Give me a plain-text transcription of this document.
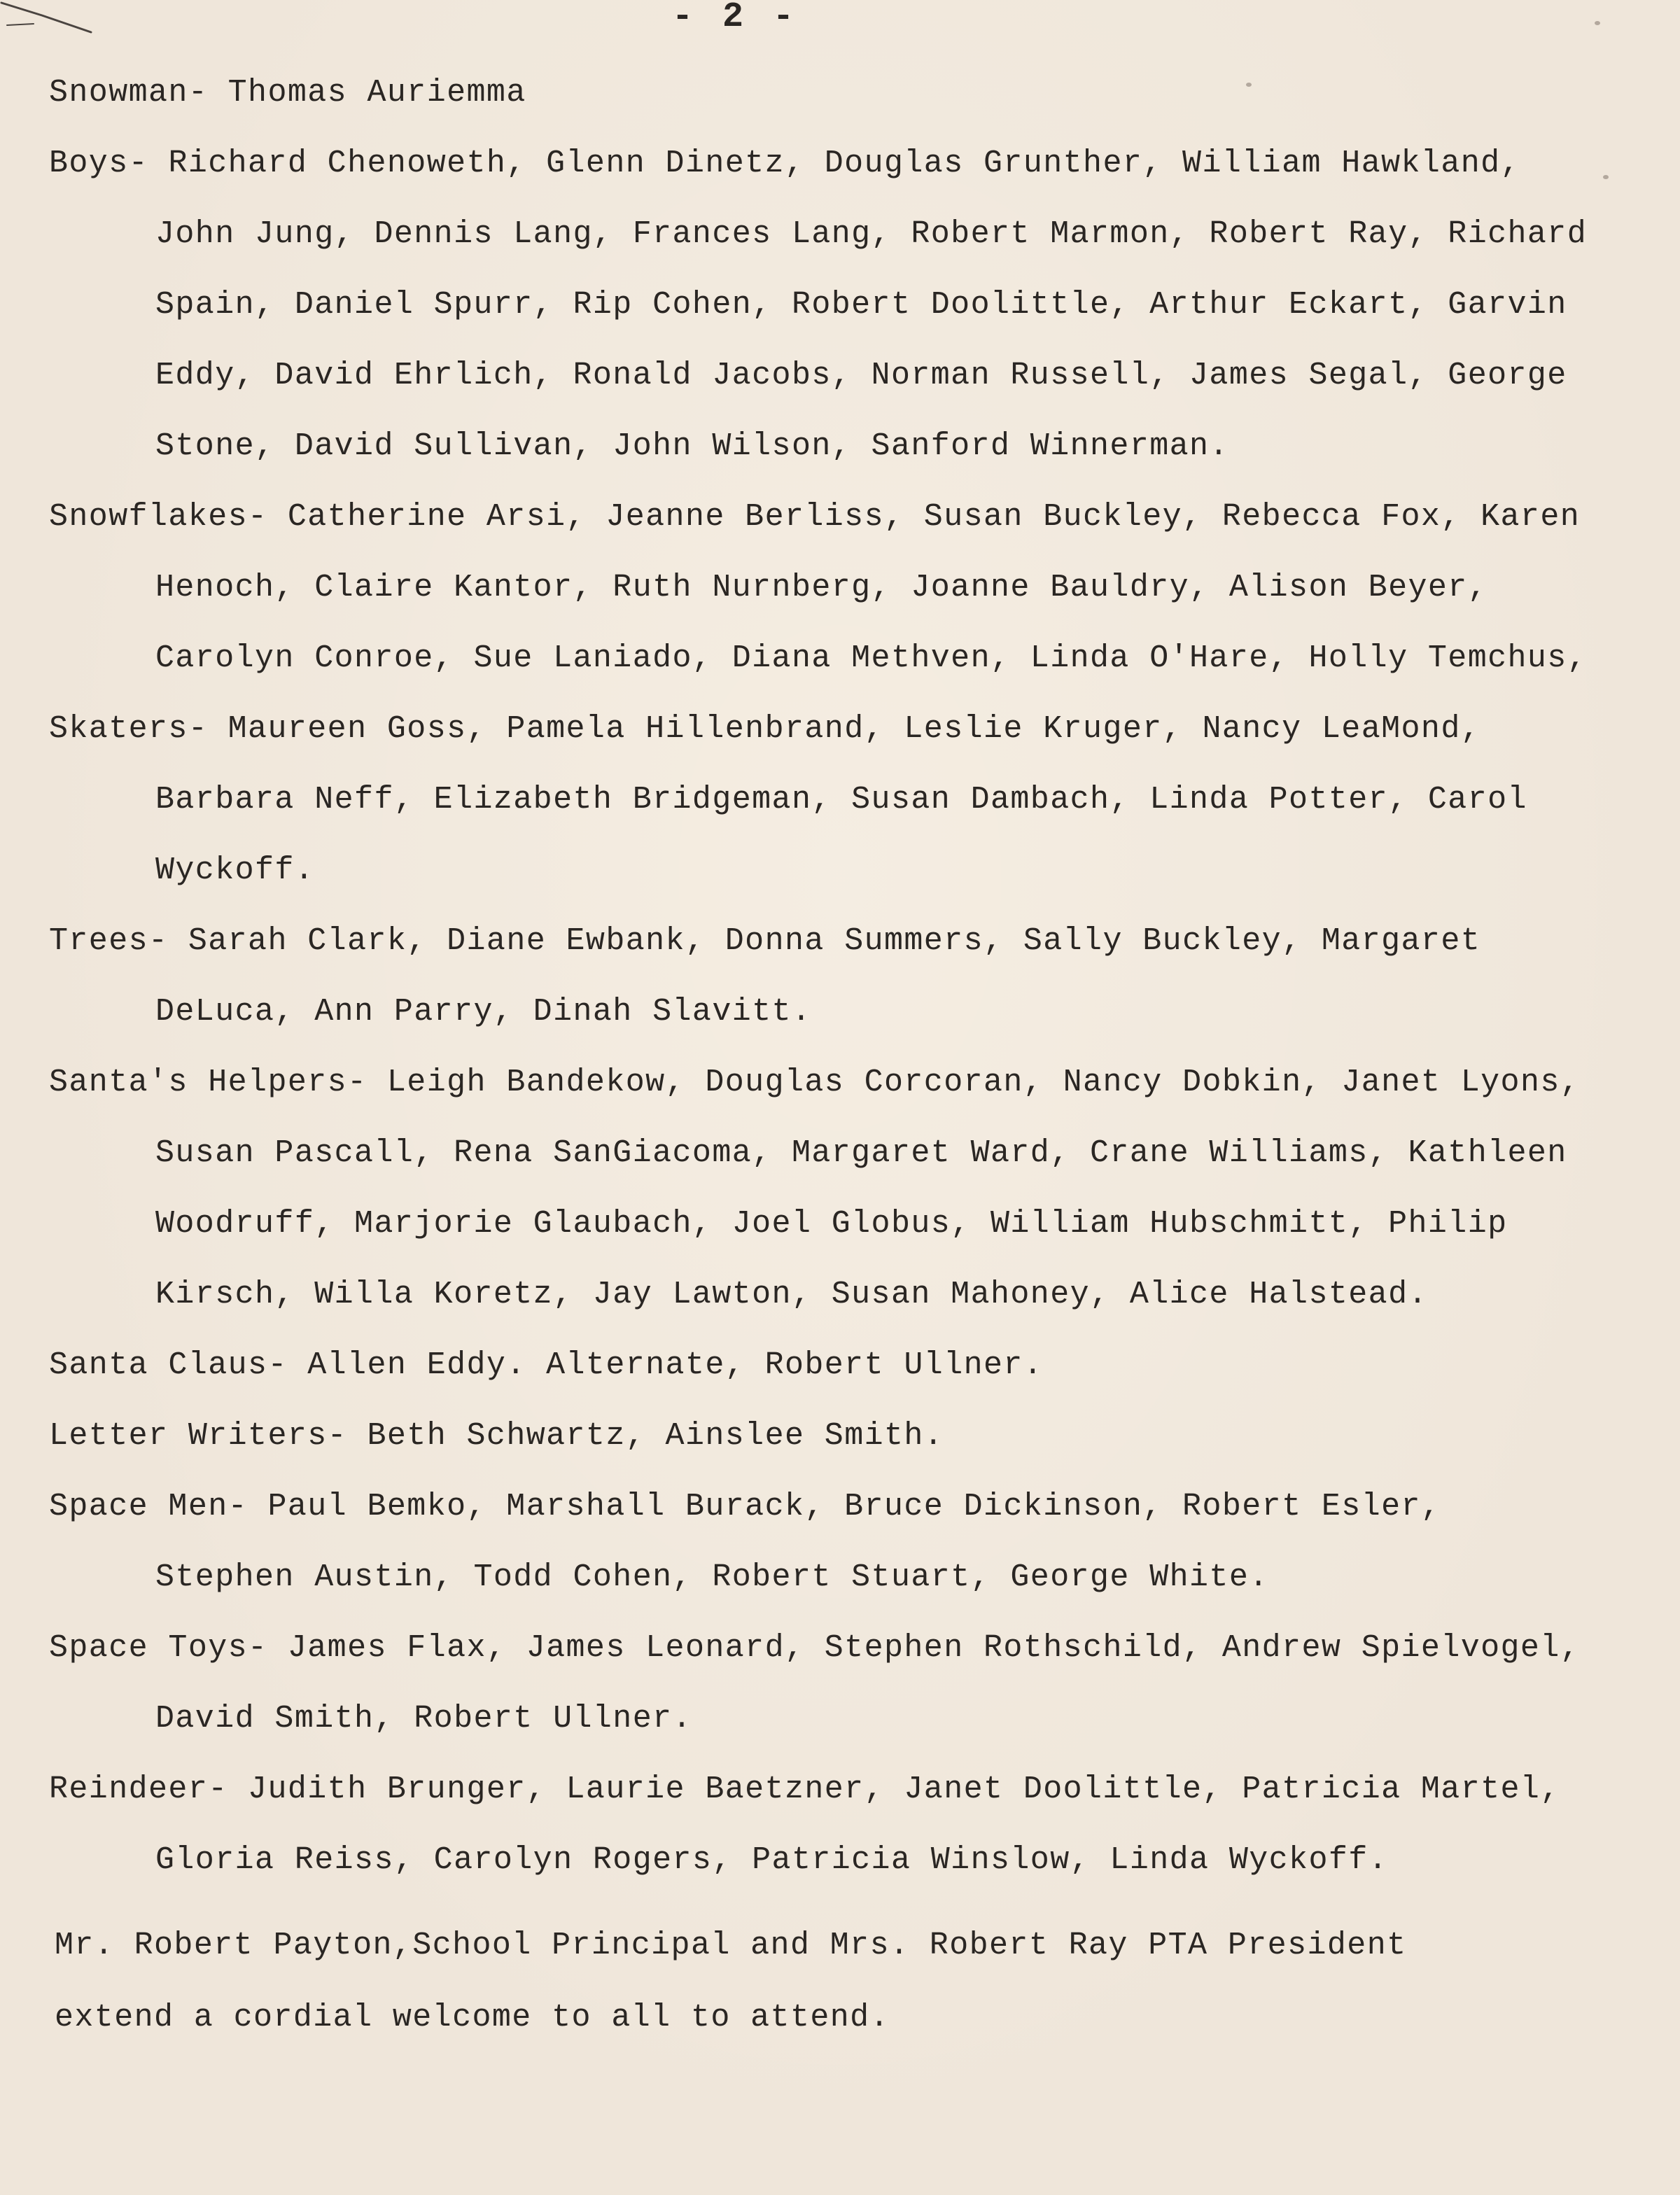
- 2 -

Snowman- Thomas Auriemma

Boys- Richard Chenoweth, Glenn Dinetz, Douglas Grunther, William Hawkland,
John Jung, Dennis Lang, Frances Lang, Robert Marmon, Robert Ray, Richard
Spain, Daniel Spurr, Rip Cohen, Robert Doolittle, Arthur Eckart, Garvin
Eddy, David Ehrlich, Ronald Jacobs, Norman Russell, James Segal, George
Stone, David Sullivan, John Wilson, Sanford Winnerman.

Snowflakes- Catherine Arsi, Jeanne Berliss, Susan Buckley, Rebecca Fox, Karen
Henoch, Claire Kantor, Ruth Nurnberg, Joanne Bauldry, Alison Beyer,
Carolyn Conroe, Sue Laniado, Diana Methven, Linda O'Hare, Holly Temchus,

Skaters- Maureen Goss, Pamela Hillenbrand, Leslie Kruger, Nancy LeaMond,
Barbara Neff, Elizabeth Bridgeman, Susan Dambach, Linda Potter, Carol
Wyckoff.

Trees- Sarah Clark, Diane Ewbank, Donna Summers, Sally Buckley, Margaret
DeLuca, Ann Parry, Dinah Slavitt.

Santa's Helpers- Leigh Bandekow, Douglas Corcoran, Nancy Dobkin, Janet Lyons,
Susan Pascall, Rena SanGiacoma, Margaret Ward, Crane Williams, Kathleen
Woodruff, Marjorie Glaubach, Joel Globus, William Hubschmitt, Philip
Kirsch, Willa Koretz, Jay Lawton, Susan Mahoney, Alice Halstead.

Santa Claus- Allen Eddy. Alternate, Robert Ullner.

Letter Writers- Beth Schwartz, Ainslee Smith.

Space Men- Paul Bemko, Marshall Burack, Bruce Dickinson, Robert Esler,
Stephen Austin, Todd Cohen, Robert Stuart, George White.

Space Toys- James Flax, James Leonard, Stephen Rothschild, Andrew Spielvogel,
David Smith, Robert Ullner.

Reindeer- Judith Brunger, Laurie Baetzner, Janet Doolittle, Patricia Martel,
Gloria Reiss, Carolyn Rogers, Patricia Winslow, Linda Wyckoff.

Mr. Robert Payton,School Principal and Mrs. Robert Ray PTA President
extend a cordial welcome to all to attend.
